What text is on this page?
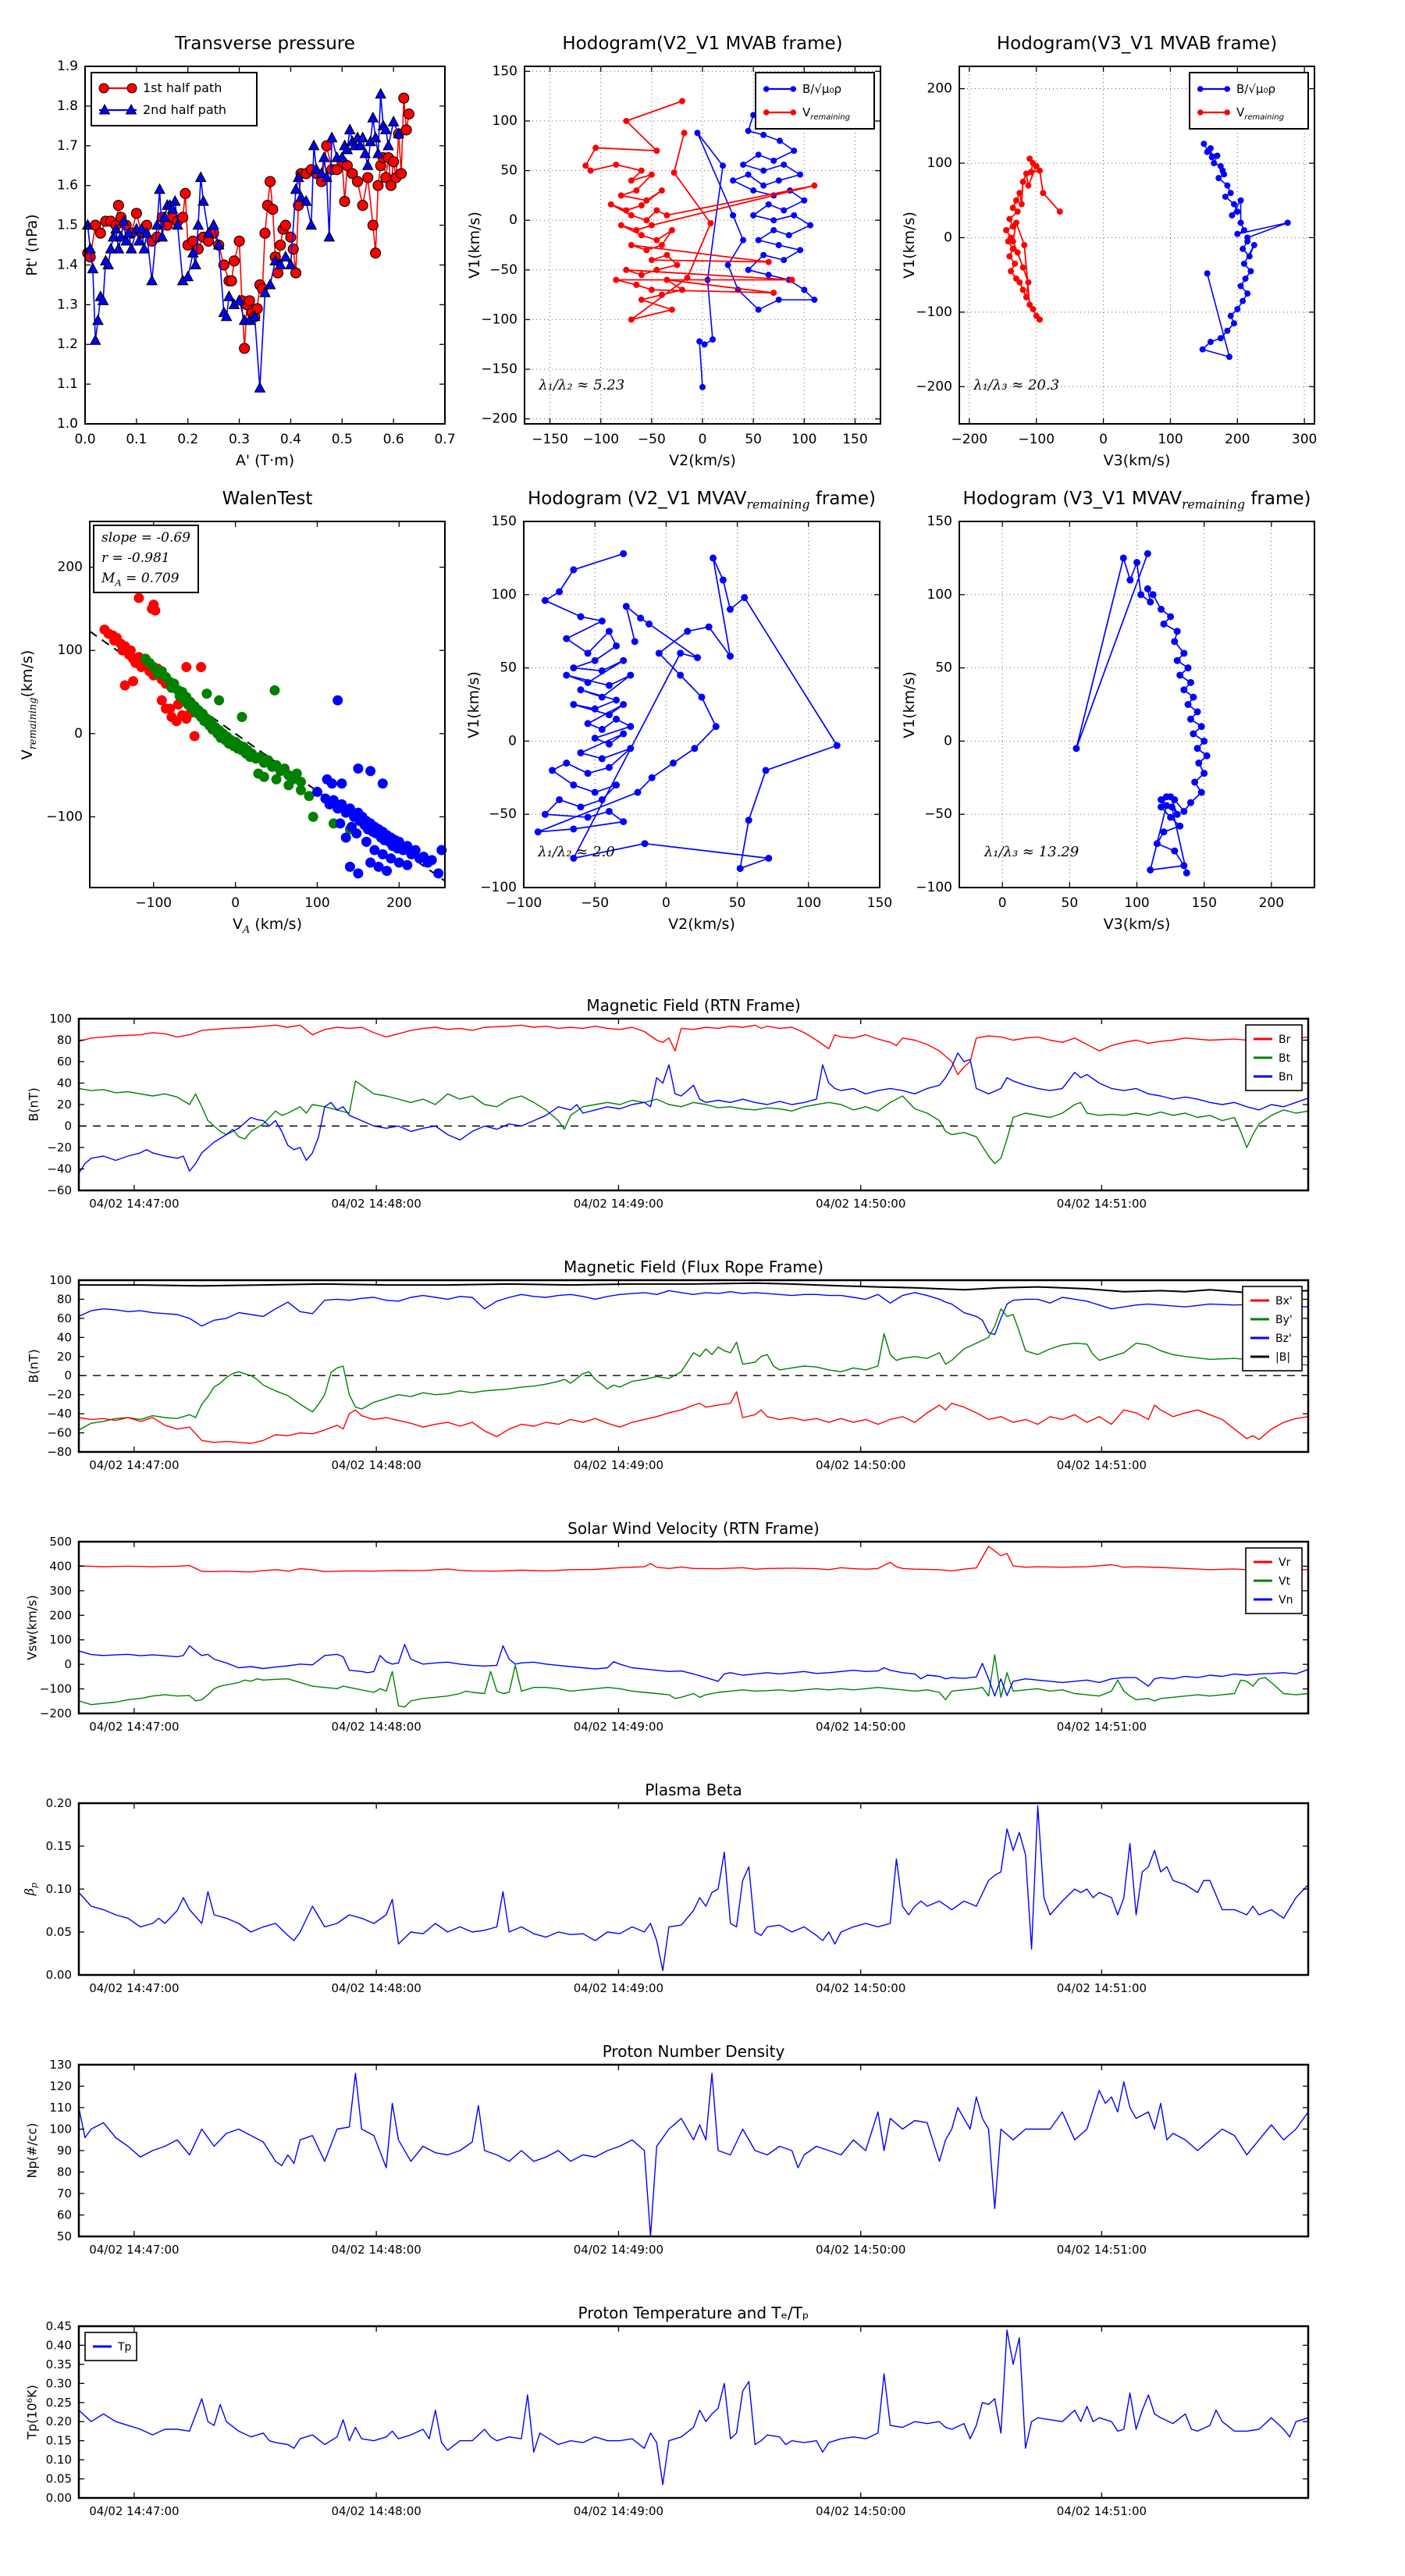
0.0 0.1 0.2 0.3 0.4 0.5 0.6 0.7
1.0
1.1
1.2
1.3
1.4
1.5
1.6
1.7
1.8
1.9
1st half path
2nd half path
−150 −100 −50 0	50 100 150
−200
−150
−100
−50
0
50
100
150
B/√μ₀ρ
$V_{remaining}$
−200 −100	0	100	200	300
−200
−100
0
100
200	B/√μ₀ρ
$V_{remaining}$
−100	0	100	200
−100
0
100
200
−100	−50	0	50	100	150
−100
−50
0
50
100
150
0	50	100	150	200
−100
−50
0
50
100
150
04/02 14:47:00	04/02 14:48:00	04/02 14:49:00	04/02 14:50:00	04/02 14:51:00
−60
−40
−20
0
20
40
60
80
100
Br
Bt
Bn
04/02 14:47:00	04/02 14:48:00	04/02 14:49:00	04/02 14:50:00	04/02 14:51:00
−80
−60
−40
−20
0
20
40
60
80
100
Bx'
By'
Bz'
|B|
04/02 14:47:00	04/02 14:48:00	04/02 14:49:00	04/02 14:50:00	04/02 14:51:00
−200
−100
0
100
200
300
400
500
Vr
Vt
Vn
04/02 14:47:00	04/02 14:48:00	04/02 14:49:00	04/02 14:50:00	04/02 14:51:00
0.00
0.05
0.10
0.15
0.20
04/02 14:47:00	04/02 14:48:00	04/02 14:49:00	04/02 14:50:00	04/02 14:51:00
50
60
70
80
90
100
110
120
130
04/02 14:47:00	04/02 14:48:00	04/02 14:49:00	04/02 14:50:00	04/02 14:51:00
0.00
0.05
0.10
0.15
0.20
0.25
0.30
0.35
0.40
0.45
Tp
Transverse pressure
A' (T·m)
Pt' (nPa)
Hodogram(V2_V1 MVAB frame)
V2(km/s)
V1(km/s)
λ₁/λ₂ ≈ 5.23
Hodogram(V3_V1 MVAB frame)
V3(km/s)
V1(km/s)
λ₁/λ₃ ≈ 20.3
WalenTest
$V_A$ (km/s)
$V_{remaining}(km/s)$
slope = -0.69
r = -0.981
$M_A = 0.709$
Hodogram (V2_V1 $MVAV_{remaining}$ frame)
V2(km/s)
V1(km/s)
λ₁/λ₂ ≈ 2.0
Hodogram (V3_V1 $MVAV_{remaining}$ frame)
V3(km/s)
V1(km/s)
λ₁/λ₃ ≈ 13.29
Magnetic Field (RTN Frame)
B(nT)
Magnetic Field (Flux Rope Frame)
B(nT)
Solar Wind Velocity (RTN Frame)
Vsw(km/s)
Plasma Beta
$\beta_p$
Proton Number Density
Np(#/cc)
Proton Temperature and Tₑ/Tₚ
Tp(10⁶K)
